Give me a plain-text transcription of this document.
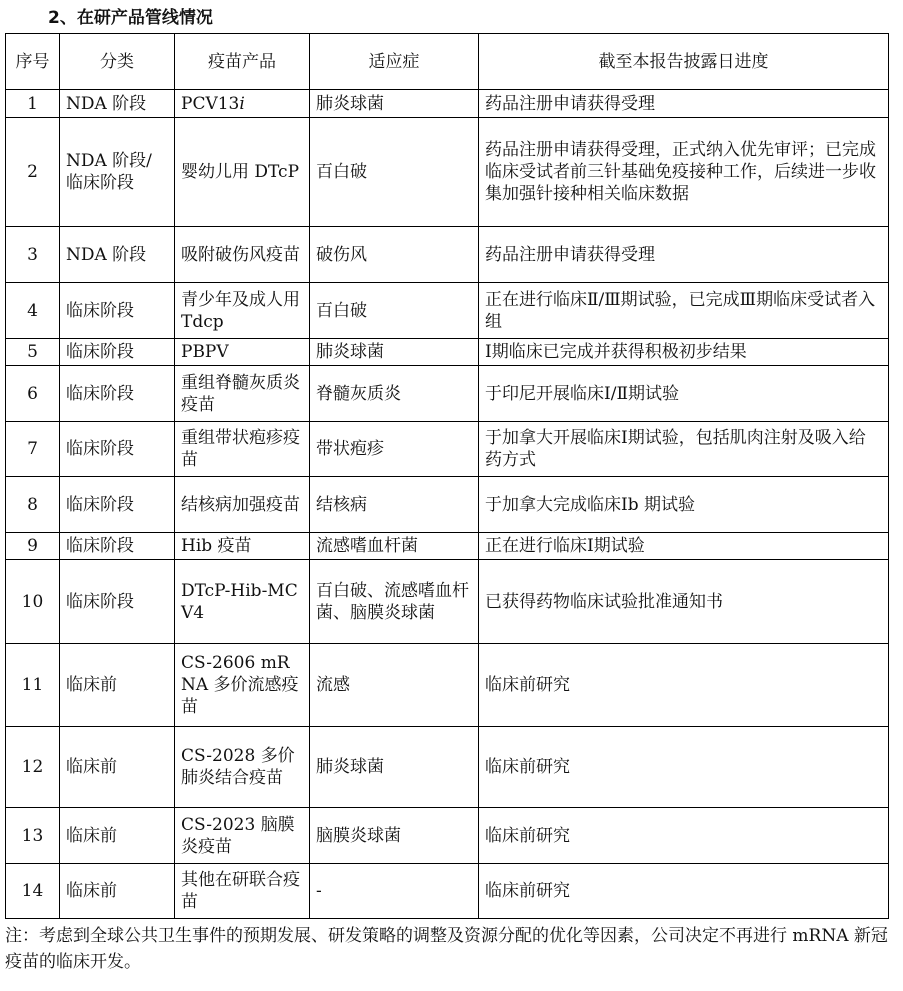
2、在研产品管线情况
序号	分类	疫苗产品	适应症	截至本报告披露日进度
1	NDA 阶段	PCV13𝑖	肺炎球菌	药品注册申请获得受理
2	NDA 阶段/临床阶段	婴幼儿用 DTcP	百白破	药品注册申请获得受理，正式纳入优先审评；已完成临床受试者前三针基础免疫接种工作，后续进一步收集加强针接种相关临床数据
3	NDA 阶段	吸附破伤风疫苗	破伤风	药品注册申请获得受理
4	临床阶段	青少年及成人用 Tdcp	百白破	正在进行临床Ⅱ/Ⅲ期试验，已完成Ⅲ期临床受试者入组
5	临床阶段	PBPV	肺炎球菌	Ⅰ期临床已完成并获得积极初步结果
6	临床阶段	重组脊髓灰质炎疫苗	脊髓灰质炎	于印尼开展临床Ⅰ/Ⅱ期试验
7	临床阶段	重组带状疱疹疫苗	带状疱疹	于加拿大开展临床Ⅰ期试验，包括肌肉注射及吸入给药方式
8	临床阶段	结核病加强疫苗	结核病	于加拿大完成临床Ⅰb 期试验
9	临床阶段	Hib 疫苗	流感嗜血杆菌	正在进行临床Ⅰ期试验
10	临床阶段	DTcP-Hib-MCV4	百白破、流感嗜血杆菌、脑膜炎球菌	已获得药物临床试验批准通知书
11	临床前	CS-2606 mRNA 多价流感疫苗	流感	临床前研究
12	临床前	CS-2028 多价肺炎结合疫苗	肺炎球菌	临床前研究
13	临床前	CS-2023 脑膜炎疫苗	脑膜炎球菌	临床前研究
14	临床前	其他在研联合疫苗	-	临床前研究
注：考虑到全球公共卫生事件的预期发展、研发策略的调整及资源分配的优化等因素，公司决定不再进行 mRNA 新冠疫苗的临床开发。
